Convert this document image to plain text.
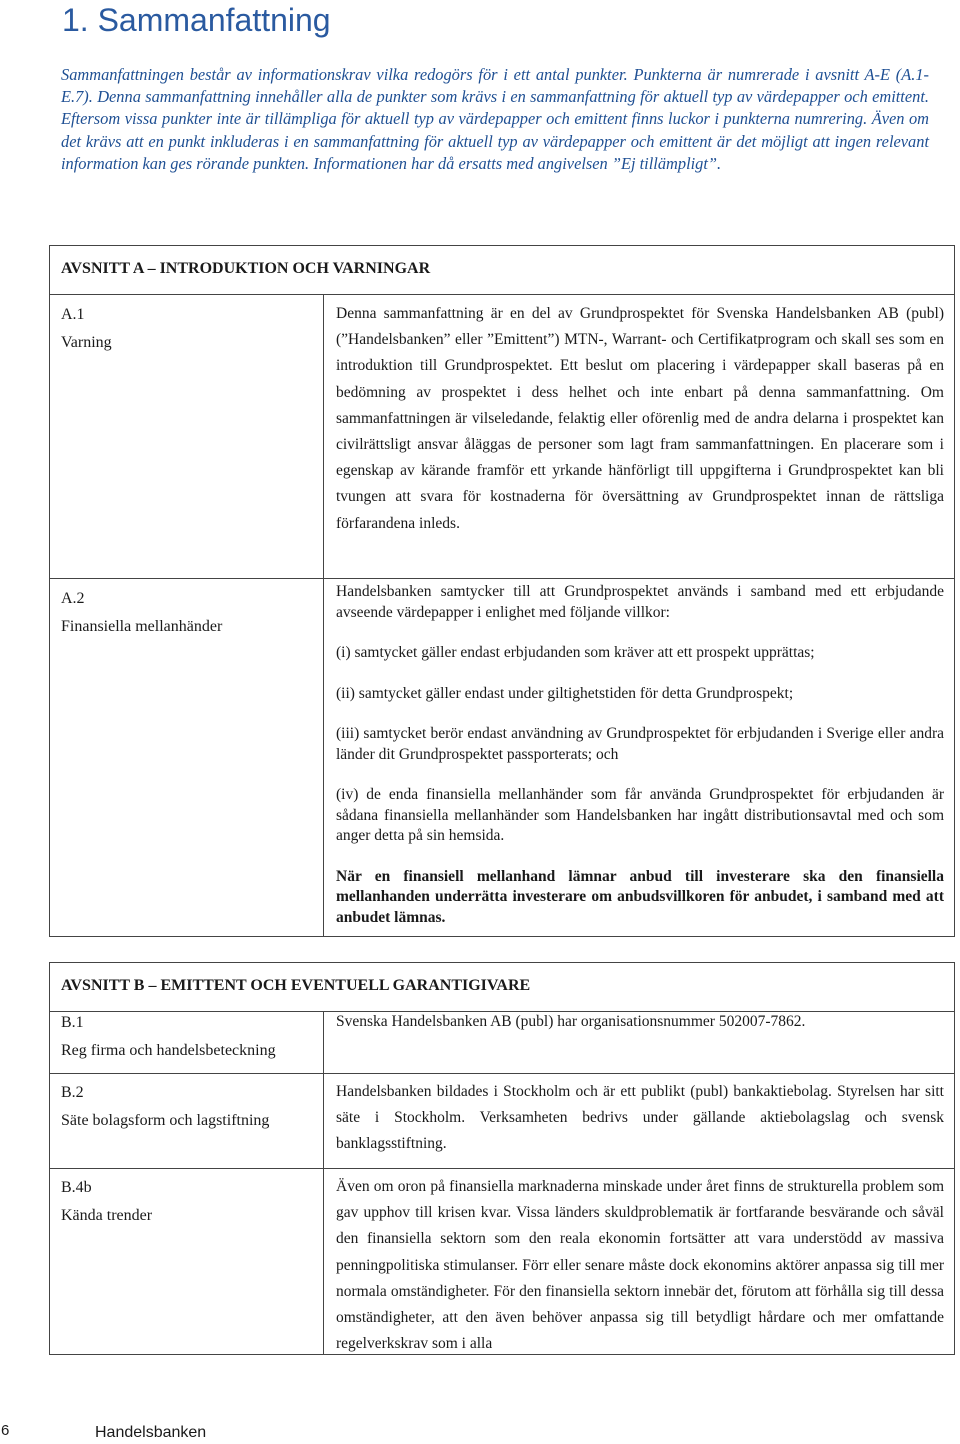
1. Sammanfattning

Sammanfattningen består av informationskrav vilka redogörs för i ett antal punkter. Punkterna är numrerade i avsnitt A-E (A.1-E.7). Denna sammanfattning innehåller alla de punkter som krävs i en sammanfattning för aktuell typ av värdepapper och emittent. Eftersom vissa punkter inte är tillämpliga för aktuell typ av värdepapper och emittent finns luckor i punkterna numrering. Även om det krävs att en punkt inkluderas i en sammanfattning för aktuell typ av värdepapper och emittent är det möjligt att ingen relevant information kan ges rörande punkten. Informationen har då ersatts med angivelsen ”Ej tillämpligt”.

AVSNITT A – INTRODUKTION OCH VARNINGAR
A.1
Varning

Denna sammanfattning är en del av Grundprospektet för Svenska Handelsbanken AB (publ) (”Handelsbanken” eller ”Emittent”) MTN-, Warrant- och Certifikatprogram och skall ses som en introduktion till Grundprospektet. Ett beslut om placering i värdepapper skall baseras på en bedömning av prospektet i dess helhet och inte enbart på denna sammanfattning. Om sammanfattningen är vilseledande, felaktig eller oförenlig med de andra delarna i prospektet kan civilrättsligt ansvar åläggas de personer som lagt fram sammanfattningen. En placerare som i egenskap av kärande framför ett yrkande hänförligt till uppgifterna i Grundprospektet kan bli tvungen att svara för kostnaderna för översättning av Grundprospektet innan de rättsliga förfarandena inleds.

A.2
Finansiella mellanhänder

Handelsbanken samtycker till att Grundprospektet används i samband med ett erbjudande avseende värdepapper i enlighet med följande villkor:

(i) samtycket gäller endast erbjudanden som kräver att ett prospekt upprättas;

(ii) samtycket gäller endast under giltighetstiden för detta Grundprospekt;

(iii) samtycket berör endast användning av Grundprospektet för erbjudanden i Sverige eller andra länder dit Grundprospektet passporterats; och

(iv) de enda finansiella mellanhänder som får använda Grundprospektet för erbjudanden är sådana finansiella mellanhänder som Handelsbanken har ingått distributionsavtal med och som anger detta på sin hemsida.

När en finansiell mellanhand lämnar anbud till investerare ska den finansiella mellanhanden underrätta investerare om anbudsvillkoren för anbudet, i samband med att anbudet lämnas.

AVSNITT B – EMITTENT OCH EVENTUELL GARANTIGIVARE
B.1
Reg firma och handelsbeteckning

Svenska Handelsbanken AB (publ) har organisationsnummer 502007-7862.

B.2
Säte bolagsform och lagstiftning

Handelsbanken bildades i Stockholm och är ett publikt (publ) bankaktiebolag. Styrelsen har sitt säte i Stockholm. Verksamheten bedrivs under gällande aktiebolagslag och svensk banklagsstiftning.

B.4b
Kända trender

Även om oron på finansiella marknaderna minskade under året finns de strukturella problem som gav upphov till krisen kvar. Vissa länders skuldproblematik är fortfarande besvärande och såväl den finansiella sektorn som den reala ekonomin fortsätter att vara understödd av massiva penningpolitiska stimulanser. Förr eller senare måste dock ekonomins aktörer anpassa sig till mer normala omständigheter. För den finansiella sektorn innebär det, förutom att förhålla sig till dessa omständigheter, att den även behöver anpassa sig till betydligt hårdare och mer omfattande regelverkskrav som i alla

6	Handelsbanken
